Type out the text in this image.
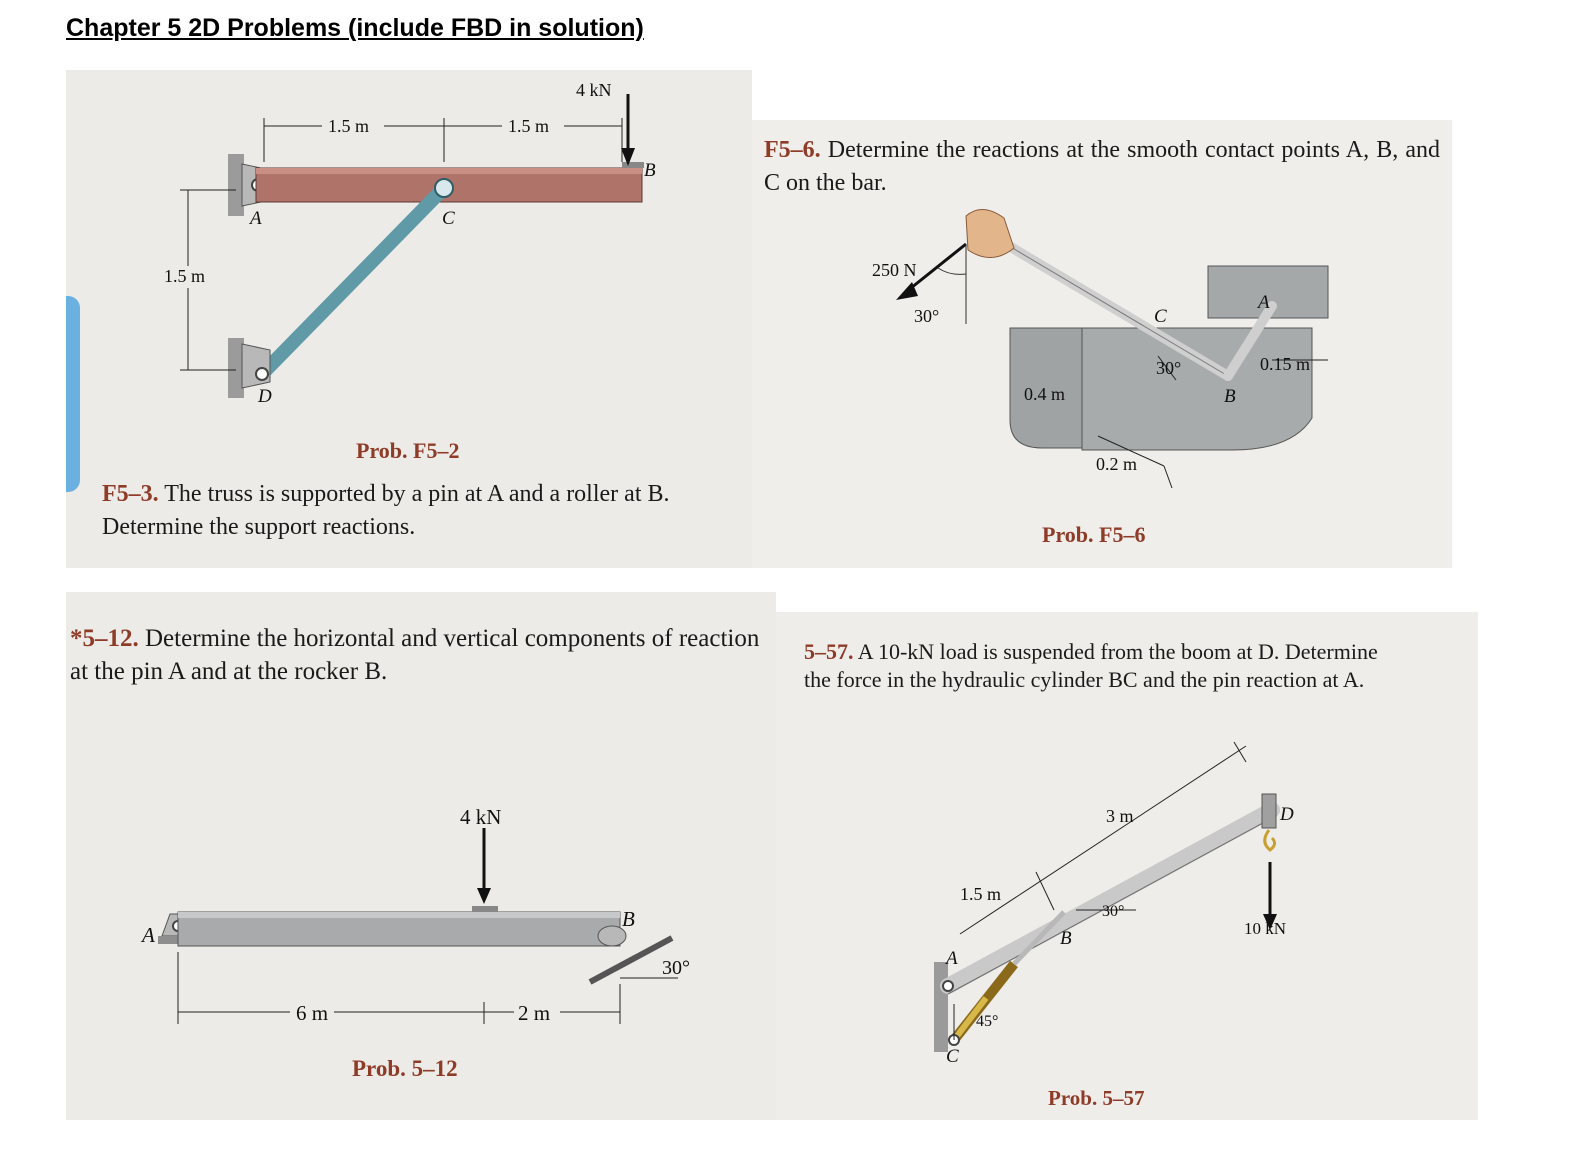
Chapter 5 2D Problems (include FBD in solution)
1.5 m	1.5 m
1.5 m
4 kN
A
B
C
D
Prob. F5–2

F5–3. The truss is supported by a pin at A and a roller at B. Determine the support reactions.

F5–6. Determine the reactions at the smooth contact points A, B, and C on the bar.

250 N
30°
30°
0.4 m
0.2 m
0.15 m
A
B
C
Prob. F5–6

*5–12. Determine the horizontal and vertical components of reaction at the pin A and at the rocker B.

4 kN
A
B
30°
6 m	2 m
Prob. 5–12

5–57. A 10-kN load is suspended from the boom at D. Determine the force in the hydraulic cylinder BC and the pin reaction at A.

3 m
1.5 m
30°
45°
10 kN
A
B
C
D
Prob. 5–57
